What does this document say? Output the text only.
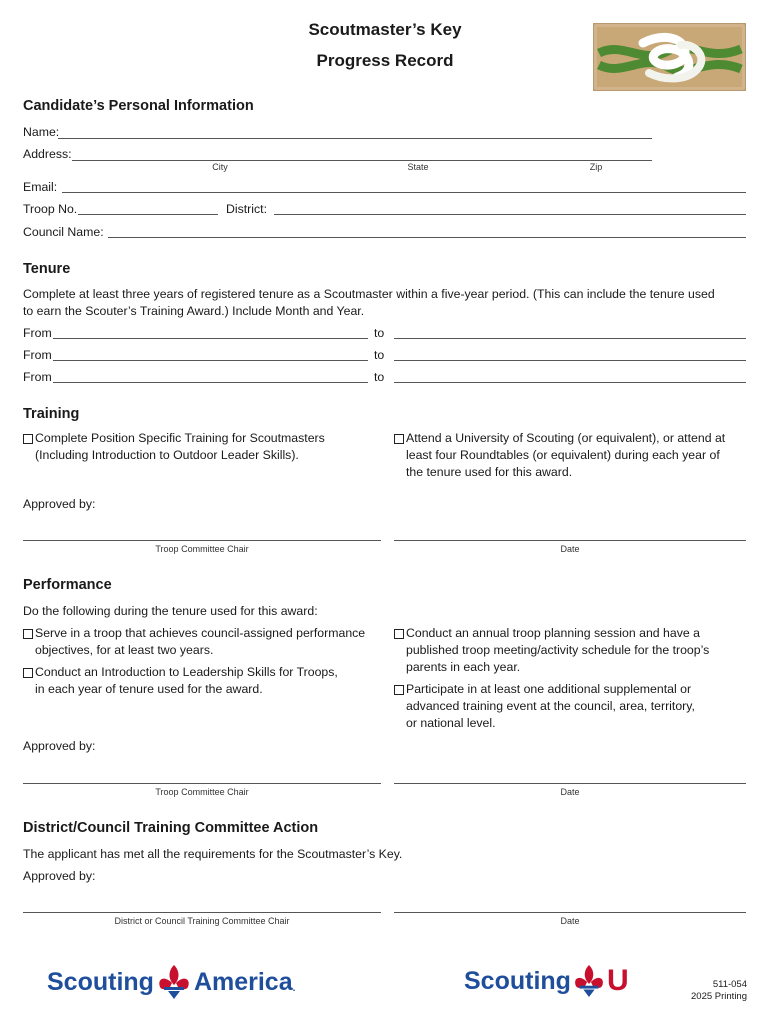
Scoutmaster’s Key
Progress Record
Candidate’s Personal Information
Name:
Address:
City	State	Zip
Email:
Troop No.	District:
Council Name:
Tenure
Complete at least three years of registered tenure as a Scoutmaster within a five-year period. (This can include the tenure used
to earn the Scouter’s Training Award.) Include Month and Year.
From	to
From	to
From	to
Training
Complete Position Specific Training for Scoutmasters
(Including Introduction to Outdoor Leader Skills).
Attend a University of Scouting (or equivalent), or attend at
least four Roundtables (or equivalent) during each year of
the tenure used for this award.
Approved by:
Troop Committee Chair	Date
Performance
Do the following during the tenure used for this award:
Serve in a troop that achieves council-assigned performance
objectives, for at least two years.
Conduct an Introduction to Leadership Skills for Troops,
in each year of tenure used for the award.
Conduct an annual troop planning session and have a
published troop meeting/activity schedule for the troop’s
parents in each year.
Participate in at least one additional supplemental or
advanced training event at the council, area, territory,
or national level.
Approved by:
Troop Committee Chair	Date
District/Council Training Committee Action
The applicant has met all the requirements for the Scoutmaster’s Key.
Approved by:
District or Council Training Committee Chair	Date
Scouting America .	Scouting U	511-054
2025 Printing
